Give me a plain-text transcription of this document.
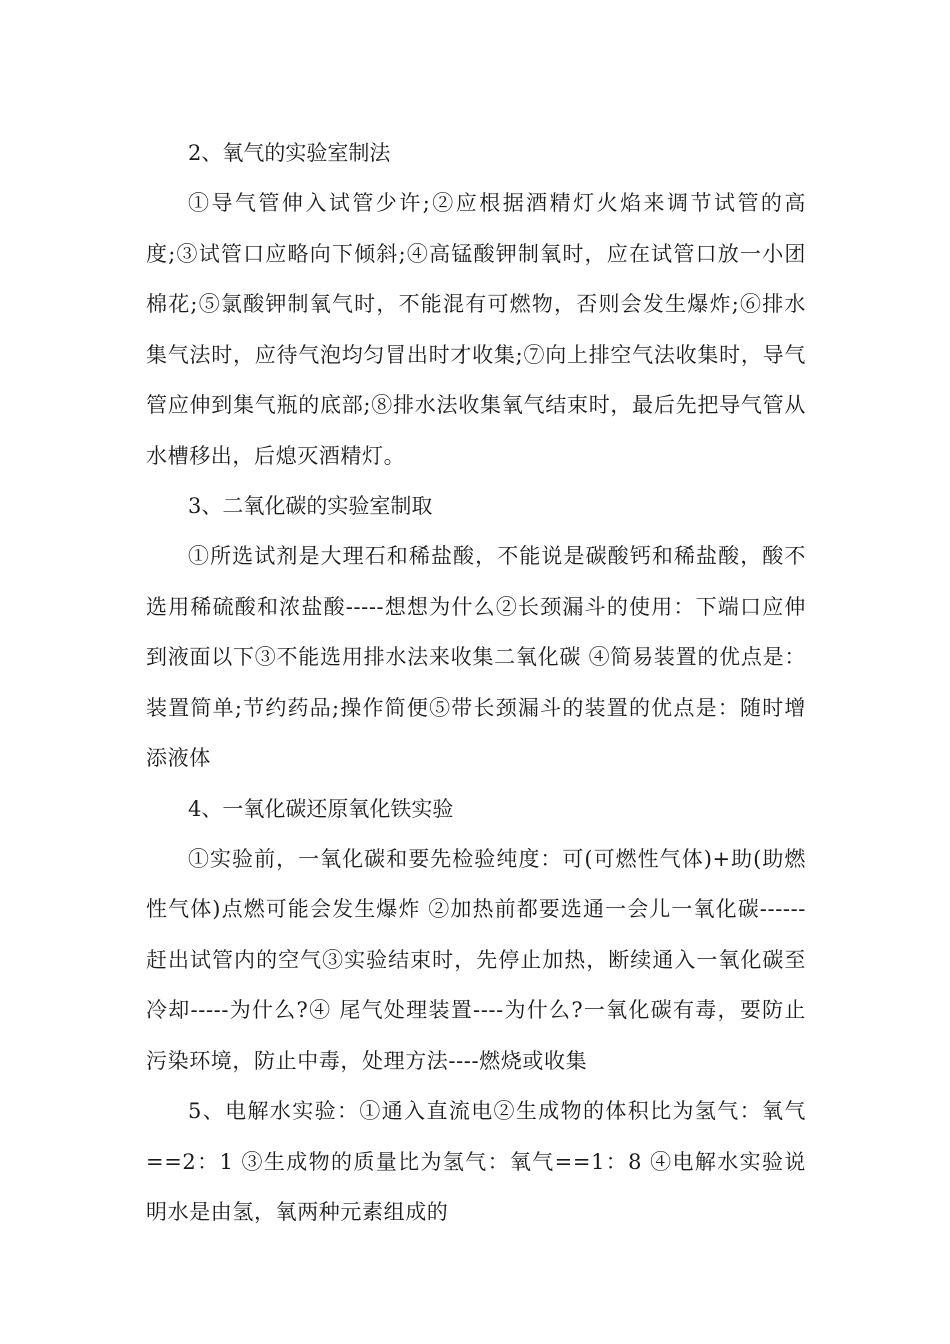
2、氧气的实验室制法

①导气管伸入试管少许;②应根据酒精灯火焰来调节试管的高度;③试管口应略向下倾斜;④高锰酸钾制氧时，应在试管口放一小团棉花;⑤氯酸钾制氧气时，不能混有可燃物，否则会发生爆炸;⑥排水集气法时，应待气泡均匀冒出时才收集;⑦向上排空气法收集时，导气管应伸到集气瓶的底部;⑧排水法收集氧气结束时，最后先把导气管从水槽移出，后熄灭酒精灯。

3、二氧化碳的实验室制取

①所选试剂是大理石和稀盐酸，不能说是碳酸钙和稀盐酸，酸不选用稀硫酸和浓盐酸-----想想为什么②长颈漏斗的使用：下端口应伸到液面以下③不能选用排水法来收集二氧化碳 ④简易装置的优点是：装置简单;节约药品;操作简便⑤带长颈漏斗的装置的优点是：随时增添液体

4、一氧化碳还原氧化铁实验

①实验前，一氧化碳和要先检验纯度：可(可燃性气体)+助(助燃性气体)点燃可能会发生爆炸 ②加热前都要选通一会儿一氧化碳------赶出试管内的空气③实验结束时，先停止加热，断续通入一氧化碳至冷却-----为什么?④ 尾气处理装置----为什么?一氧化碳有毒，要防止污染环境，防止中毒，处理方法----燃烧或收集

5、电解水实验：①通入直流电②生成物的体积比为氢气：氧气==2：1 ③生成物的质量比为氢气：氧气==1：8 ④电解水实验说明水是由氢，氧两种元素组成的
